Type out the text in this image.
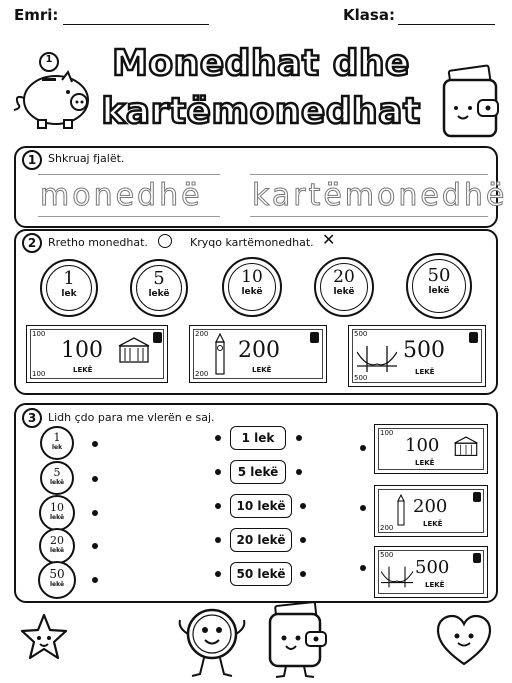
Emri:	Klasa:
1	Monedhat dhe
kartëmonedhat
1	Shkruaj fjalët.
monedhë kartëmonedhë
2	Rretho monedhat.	Kryqo kartëmonedhat. ✕
1
lek
5
lekë
10
lekë
20
lekë
50
lekë
100
100
100
LEKË
200
200
200
LEKË
500
500
500
LEKË
3	Lidh çdo para me vlerën e saj.
1
lek
5
lekë
10
lekë
20
lekë
50
lekë
1 lek
5 lekë
10 lekë
20 lekë
50 lekë
100
100
LEKË
200
200
LEKË
500
500
LEKË
